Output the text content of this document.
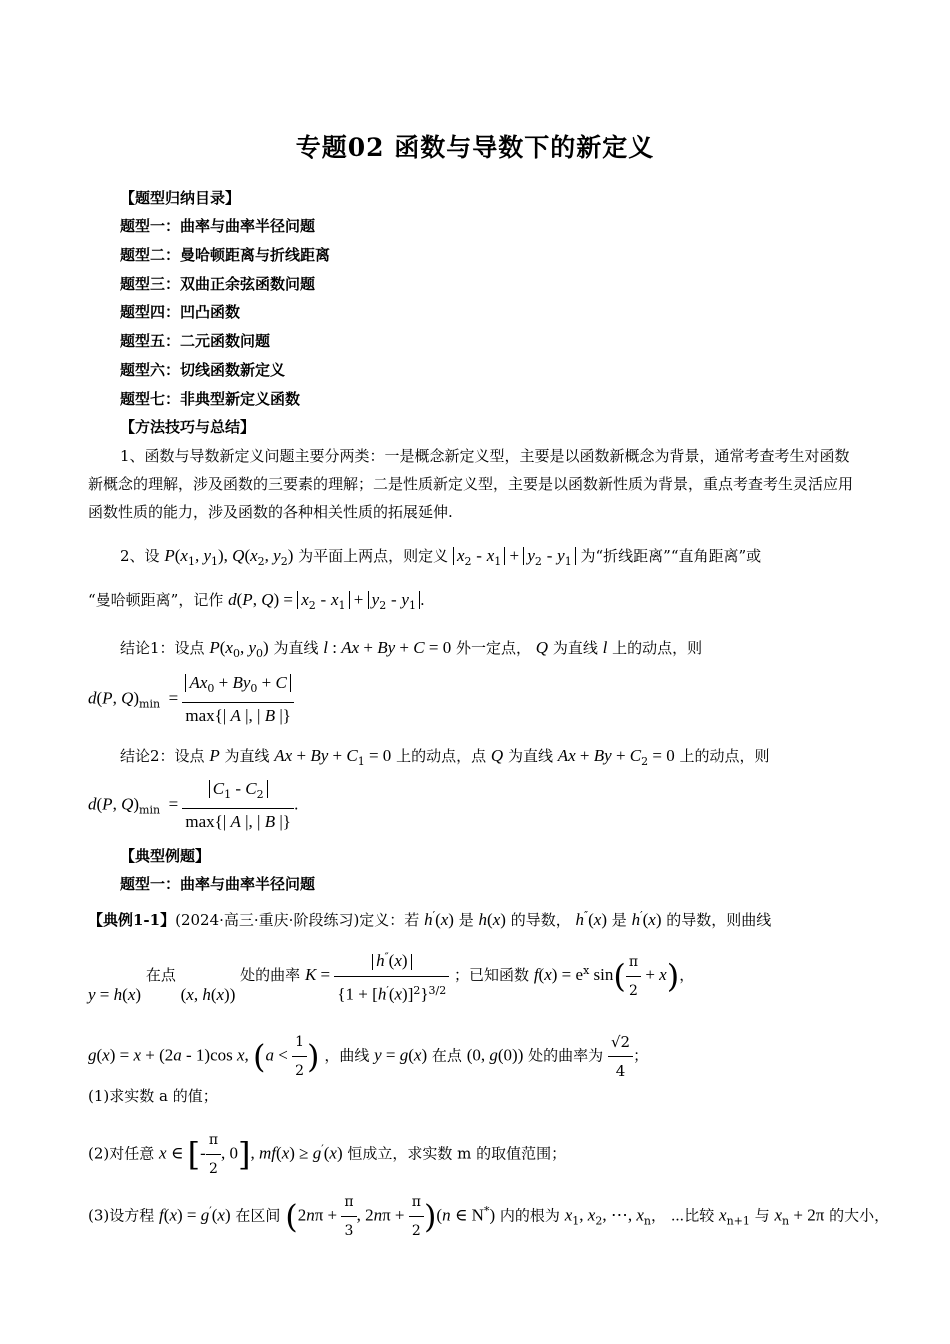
专题02 函数与导数下的新定义
【题型归纳目录】
题型一：曲率与曲率半径问题
题型二：曼哈顿距离与折线距离
题型三：双曲正余弦函数问题
题型四：凹凸函数
题型五：二元函数问题
题型六：切线函数新定义
题型七：非典型新定义函数
【方法技巧与总结】
1、函数与导数新定义问题主要分两类：一是概念新定义型，主要是以函数新概念为背景，通常考查考生对函数新概念的理解，涉及函数的三要素的理解；二是性质新定义型，主要是以函数新性质为背景，重点考查考生灵活应用函数性质的能力，涉及函数的各种相关性质的拓展延伸.
2、设 $P(x_1$, $y_1$), $Q(x_2$, $y_2$) 为平面上两点，则定义 $x_2 - x_1 + y_2 - y_1$ 为“折线距离”“直角距离”或
“曼哈顿距离”，记作 d(P, $Q) = x_2 - x_1 + y_2 - y_1$ .
结论1：设点 $P(x_0$, $y_0$) 为直线 l : Ax + By + C = 0 外一定点， Q 为直线 l 上的动点，则
d(P, $Q)_{min} = \frac{Ax_0 + By_0 + C}{\max\{| A |, | B |\}}$
结论2：设点 P 为直线 $Ax + By + C_1 = 0$ 上的动点，点 Q 为直线 $Ax + By + C_2 = 0$ 上的动点，则
d(P, $Q)_{min} = \frac{C_1 - C_2}{\max\{| A |, | B |\}}$ .
【典型例题】
题型一：曲率与曲率半径问题
【典例1-1】(2024·高三·重庆·阶段练习)定义：若 h′(x) 是 h(x) 的导数， h″(x) 是 h′(x) 的导数，则曲线
y = h(x) 在点 (x, h(x)) 处的曲率 $K = \frac{h''(x)}{\{1 + [h'(x)]^2\}^{3/2}}$ ；已知函数 $f(x) = e^x$ $\sin( \frac{\pi}{2} + x)$，
g(x) = x + (2a - 1)cos x, ($a < \frac{1}{2}$ ) ，曲线 y = g(x) 在点 (0, g(0)) 处的曲率为 $\frac{√2}{4}$ ；
(1)求实数 a 的值；
(2)对任意 x ∈ [- $\frac{\pi}{2}$ , 0], mf(x) ≥ g′(x) 恒成立，求实数 m 的取值范围；
(3)设方程 f(x) = g′(x) 在区间 ($2n\pi + \frac{\pi}{3}$ , $2n\pi + \frac{\pi}{2} )(n$ ∈ N*) 内的根为 $x_1$, $x_2$, ⋯, $x_n$， ⋯比较 $x_{n+1}$ 与 $x_n + 2\pi$ 的大小，
